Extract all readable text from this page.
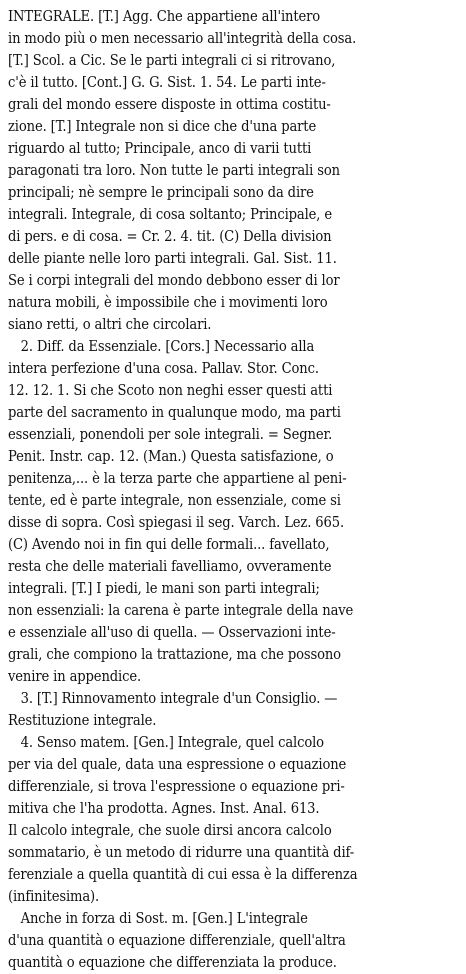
INTEGRALE. [T.] Agg. Che appartiene all'intero
in modo più o men necessario all'integrità della cosa.
[T.] Scol. a Cic. Se le parti integrali ci si ritrovano,
c'è il tutto. [Cont.] G. G. Sist. 1. 54. Le parti inte-
grali del mondo essere disposte in ottima costitu-
zione. [T.] Integrale non si dice che d'una parte
riguardo al tutto; Principale, anco di varii tutti
paragonati tra loro. Non tutte le parti integrali son
principali; nè sempre le principali sono da dire
integrali. Integrale, di cosa soltanto; Principale, e
di pers. e di cosa. = Cr. 2. 4. tit. (C) Della division
delle piante nelle loro parti integrali. Gal. Sist. 11.
Se i corpi integrali del mondo debbono esser di lor
natura mobili, è impossibile che i movimenti loro
siano retti, o altri che circolari.
2. Diff. da Essenziale. [Cors.] Necessario alla
intera perfezione d'una cosa. Pallav. Stor. Conc.
12. 12. 1. Si che Scoto non neghi esser questi atti
parte del sacramento in qualunque modo, ma parti
essenziali, ponendoli per sole integrali. = Segner.
Penit. Instr. cap. 12. (Man.) Questa satisfazione, o
penitenza,... è la terza parte che appartiene al peni-
tente, ed è parte integrale, non essenziale, come si
disse di sopra. Così spiegasi il seg. Varch. Lez. 665.
(C) Avendo noi in fin qui delle formali... favellato,
resta che delle materiali favelliamo, ovveramente
integrali. [T.] I piedi, le mani son parti integrali;
non essenziali: la carena è parte integrale della nave
e essenziale all'uso di quella. — Osservazioni inte-
grali, che compiono la trattazione, ma che possono
venire in appendice.
3. [T.] Rinnovamento integrale d'un Consiglio. —
Restituzione integrale.
4. Senso matem. [Gen.] Integrale, quel calcolo
per via del quale, data una espressione o equazione
differenziale, si trova l'espressione o equazione pri-
mitiva che l'ha prodotta. Agnes. Inst. Anal. 613.
Il calcolo integrale, che suole dirsi ancora calcolo
sommatario, è un metodo di ridurre una quantità dif-
ferenziale a quella quantità di cui essa è la differenza
(infinitesima).
Anche in forza di Sost. m. [Gen.] L'integrale
d'una quantità o equazione differenziale, quell'altra
quantità o equazione che differenziata la produce.
